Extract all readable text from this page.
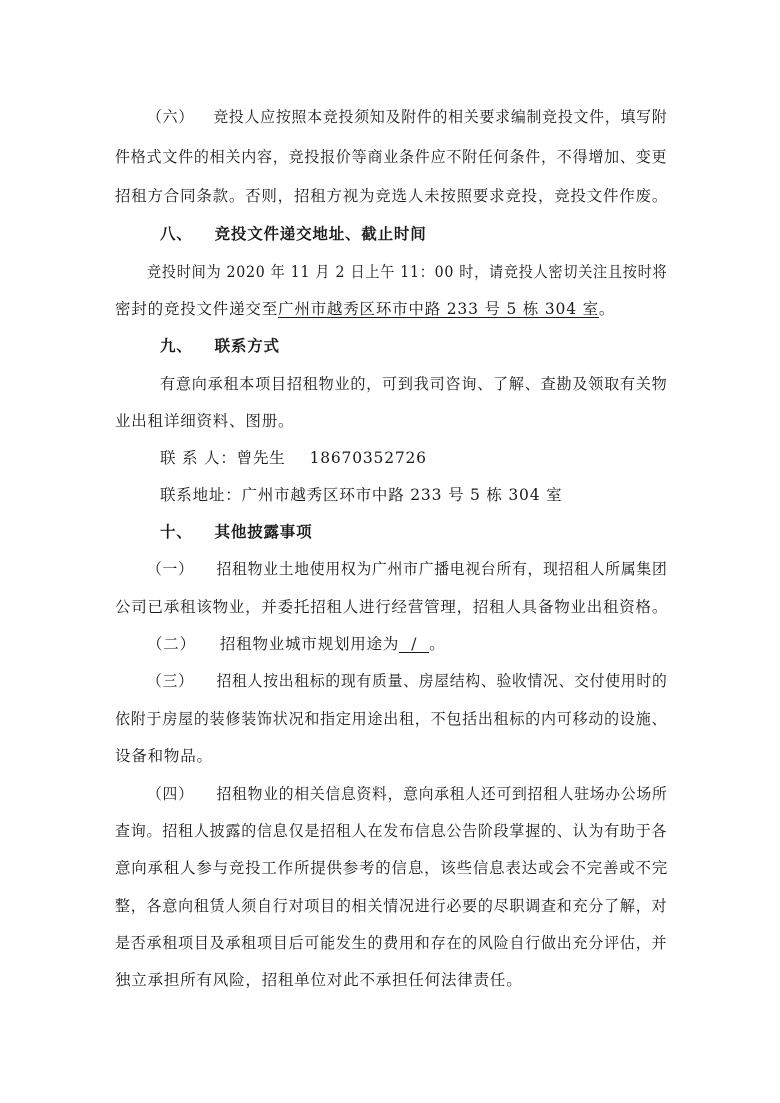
（六） 竞投人应按照本竞投须知及附件的相关要求编制竞投文件，填写附
件格式文件的相关内容，竞投报价等商业条件应不附任何条件，不得增加、变更
招租方合同条款。否则，招租方视为竞选人未按照要求竞投，竞投文件作废。
八、 竞投文件递交地址、截止时间
竞投时间为 2020 年 11 月 2 日上午 11：00 时，请竞投人密切关注且按时将
密封的竞投文件递交至广州市越秀区环市中路 233 号 5 栋 304 室。
九、 联系方式
有意向承租本项目招租物业的，可到我司咨询、了解、查勘及领取有关物
业出租详细资料、图册。
联 系 人：曾先生 18670352726
联系地址：广州市越秀区环市中路 233 号 5 栋 304 室
十、 其他披露事项
（一） 招租物业土地使用权为广州市广播电视台所有，现招租人所属集团
公司已承租该物业，并委托招租人进行经营管理，招租人具备物业出租资格。
（二） 招租物业城市规划用途为 / 。
（三） 招租人按出租标的现有质量、房屋结构、验收情况、交付使用时的
依附于房屋的装修装饰状况和指定用途出租，不包括出租标的内可移动的设施、
设备和物品。
（四） 招租物业的相关信息资料，意向承租人还可到招租人驻场办公场所
查询。招租人披露的信息仅是招租人在发布信息公告阶段掌握的、认为有助于各
意向承租人参与竞投工作所提供参考的信息，该些信息表达或会不完善或不完
整，各意向租赁人须自行对项目的相关情况进行必要的尽职调查和充分了解，对
是否承租项目及承租项目后可能发生的费用和存在的风险自行做出充分评估，并
独立承担所有风险，招租单位对此不承担任何法律责任。
